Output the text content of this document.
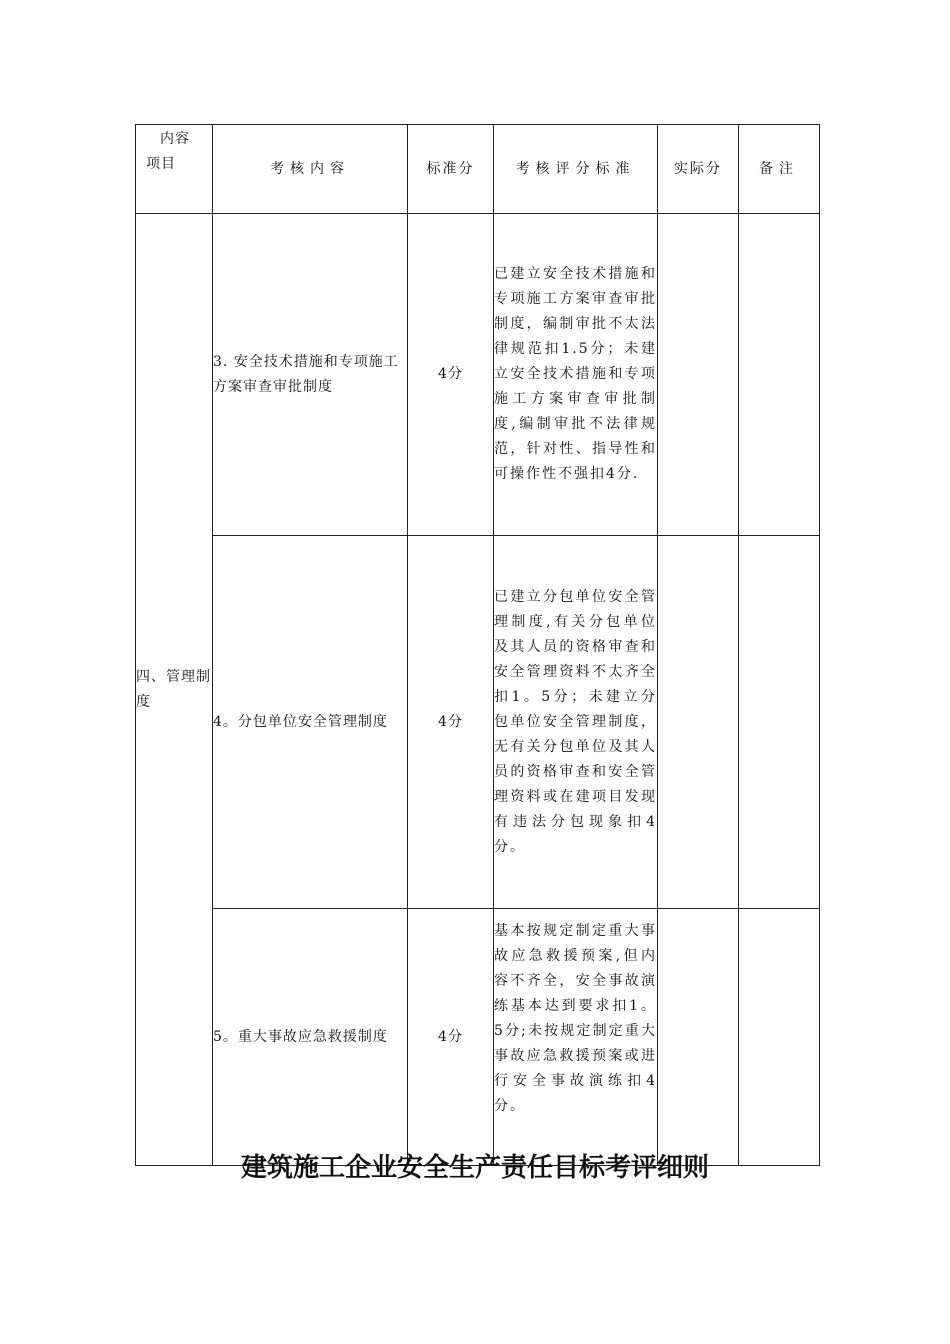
内容
项目	考核内容	标准分	考核评分标准	实际分	备注
四、管理制度	3. 安全技术措施和专项施工方案审查审批制度	4分	已建立安全技术措施和专项施工方案审查审批制度，编制审批不太法律规范扣1.5分；未建立安全技术措施和专项施工方案审查审批制度,编制审批不法律规范，针对性、指导性和可操作性不强扣4分.		
	4。分包单位安全管理制度	4分	已建立分包单位安全管理制度,有关分包单位及其人员的资格审查和安全管理资料不太齐全扣1。5分；未建立分包单位安全管理制度，无有关分包单位及其人员的资格审查和安全管理资料或在建项目发现有违法分包现象扣4分。		
	5。重大事故应急救援制度	4分	基本按规定制定重大事故应急救援预案,但内容不齐全，安全事故演练基本达到要求扣1。5分;未按规定制定重大事故应急救援预案或进行安全事故演练扣4分。		
建筑施工企业安全生产责任目标考评细则
